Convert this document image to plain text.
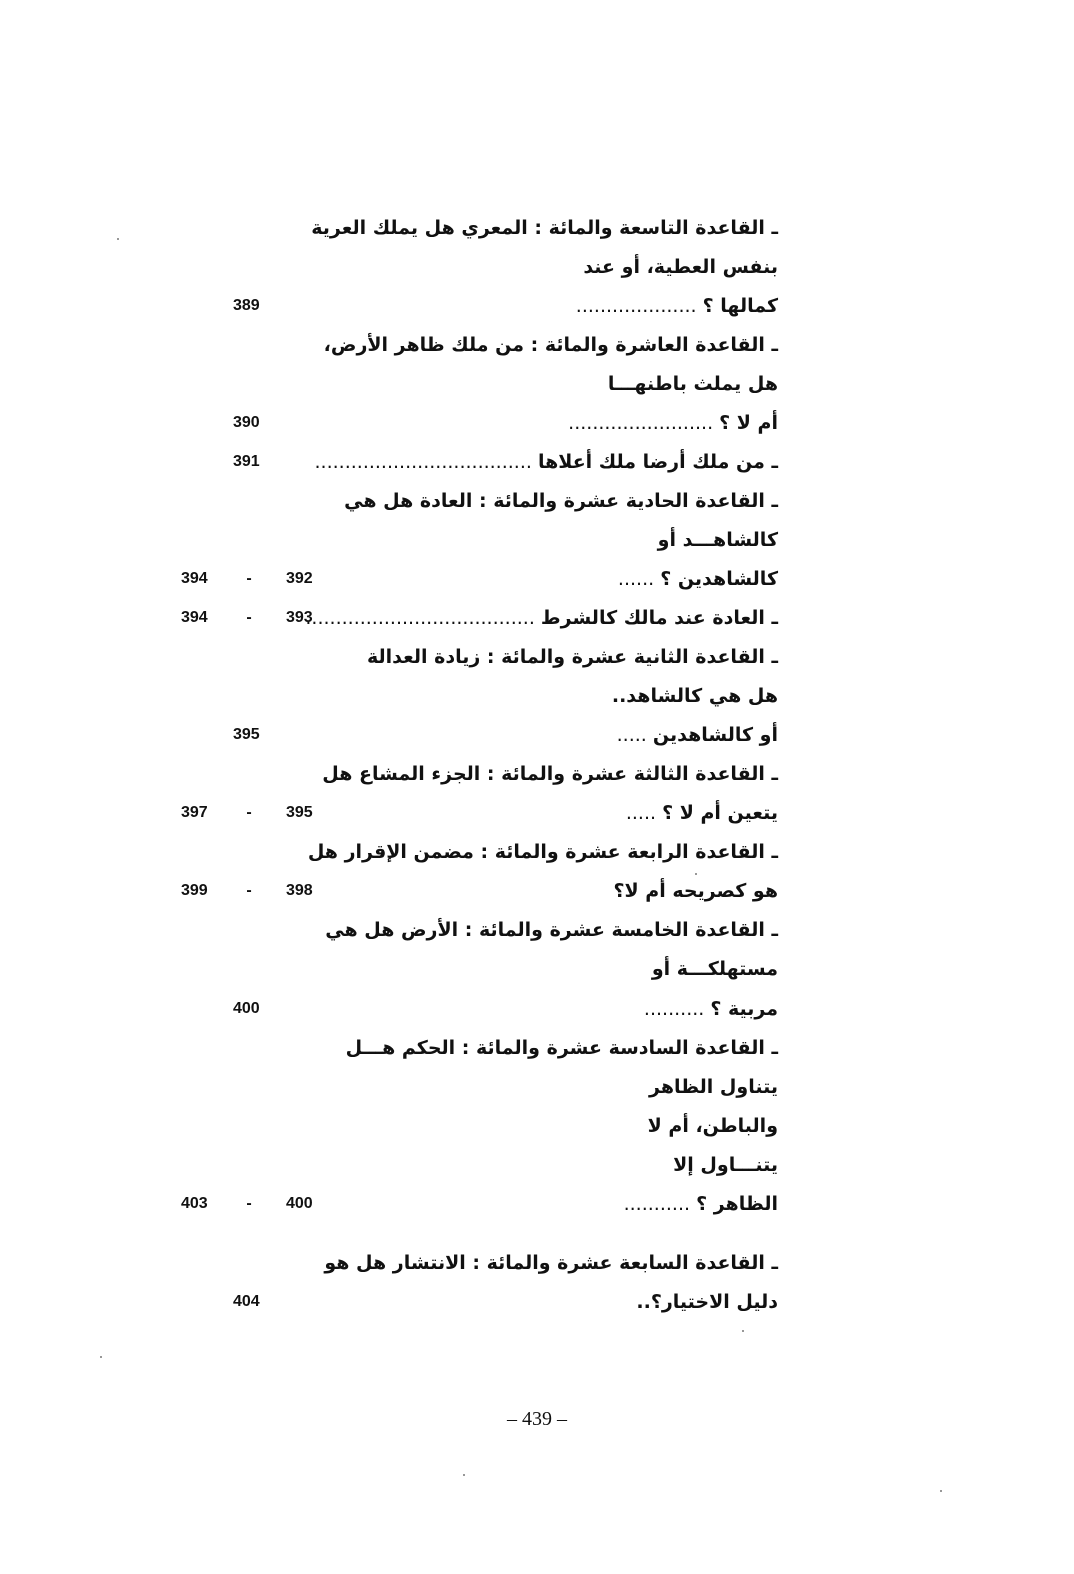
ـ القاعدة التاسعة والمائة : المعري هل يملك العرية
بنفس العطية، أو عند
كمالها ؟ ....................
389
ـ القاعدة العاشرة والمائة : من ملك ظاهر الأرض،
هل يملث باطنهـــا
أم لا ؟ ........................
390
ـ من ملك أرضا ملك أعلاها ....................................
391
ـ القاعدة الحادية عشرة والمائة : العادة هل هي
كالشاهـــد أو
كالشاهدين ؟ ......
392
-
394
ـ العادة عند مالك كالشرط ......................................
393
-
394
ـ القاعدة الثانية عشرة والمائة : زيادة العدالة
هل هي كالشاهد..
أو كالشاهدين .....
395
ـ القاعدة الثالثة عشرة والمائة : الجزء المشاع هل
يتعين أم لا ؟ .....
395
-
397
ـ القاعدة الرابعة عشرة والمائة : مضمن الإقرار هل
هو كصريحه أم لا؟
398
-
399
ـ القاعدة الخامسة عشرة والمائة : الأرض هل هي
مستهلكـــة أو
مربية ؟ ..........
400
ـ القاعدة السادسة عشرة والمائة : الحكم هـــل
يتناول الظاهر
والباطن، أم لا
يتنـــاول إلا
الظاهر ؟ ...........
400
-
403
ـ القاعدة السابعة عشرة والمائة : الانتشار هل هو
دليل الاختيار؟..
404
– 439 –
